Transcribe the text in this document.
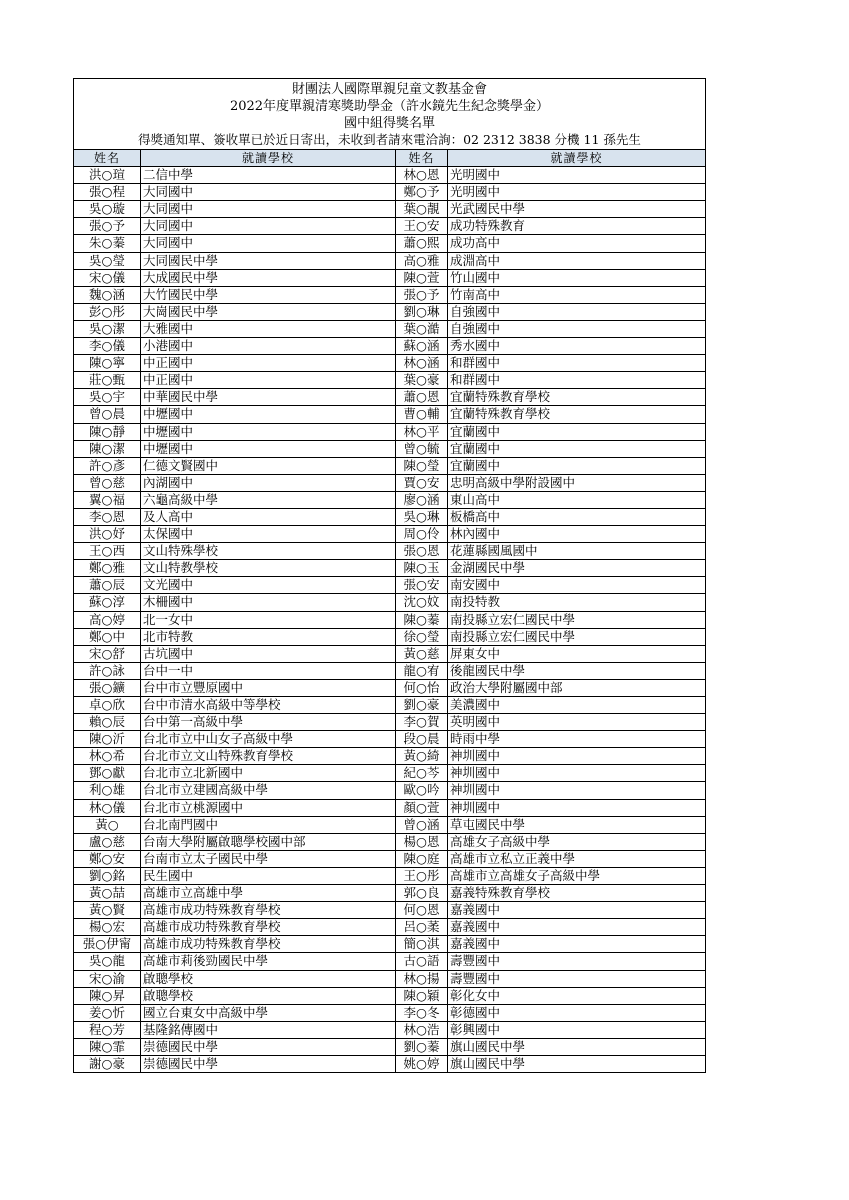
財團法人國際單親兒童文教基金會
2022年度單親清寒獎助學金（許水鏡先生紀念獎學金）
國中組得獎名單
得獎通知單、簽收單已於近日寄出，未收到者請來電洽詢：02 2312 3838 分機 11 孫先生			

姓名	就讀學校	姓名	就讀學校
洪○瑄	二信中學	林○恩	光明國中
張○程	大同國中	鄭○予	光明國中
吳○璇	大同國中	葉○靚	光武國民中學
張○予	大同國中	王○安	成功特殊教育
朱○蓁	大同國中	蕭○熙	成功高中
吳○瑩	大同國民中學	高○雅	成淵高中
宋○儀	大成國民中學	陳○萱	竹山國中
魏○涵	大竹國民中學	張○予	竹南高中
彭○彤	大崗國民中學	劉○琳	自強國中
吳○潔	大雅國中	葉○澔	自強國中
李○儀	小港國中	蘇○涵	秀水國中
陳○寧	中正國中	林○涵	和群國中
莊○甄	中正國中	葉○豪	和群國中
吳○宇	中華國民中學	蕭○恩	宜蘭特殊教育學校
曾○晨	中壢國中	曹○輔	宜蘭特殊教育學校
陳○靜	中壢國中	林○平	宜蘭國中
陳○潔	中壢國中	曾○毓	宜蘭國中
許○彥	仁德文賢國中	陳○瑩	宜蘭國中
曾○慈	內湖國中	賈○安	忠明高級中學附設國中
翼○福	六龜高級中學	廖○涵	東山高中
李○恩	及人高中	吳○琳	板橋高中
洪○妤	太保國中	周○伶	林內國中
王○西	文山特殊學校	張○恩	花蓮縣國風國中
鄭○雅	文山特教學校	陳○玉	金湖國民中學
蕭○辰	文光國中	張○安	南安國中
蘇○淳	木柵國中	沈○妏	南投特教
高○婷	北一女中	陳○蓁	南投縣立宏仁國民中學
鄭○中	北市特教	徐○瑩	南投縣立宏仁國民中學
宋○舒	古坑國中	黃○慈	屏東女中
許○詠	台中一中	龍○宥	後龍國民中學
張○鑛	台中市立豐原國中	何○怡	政治大學附屬國中部
卓○欣	台中市清水高級中等學校	劉○豪	美濃國中
賴○辰	台中第一高級中學	李○賀	英明國中
陳○沂	台北市立中山女子高級中學	段○晨	時雨中學
林○希	台北市立文山特殊教育學校	黃○綺	神圳國中
鄧○獻	台北市立北新國中	紀○芩	神圳國中
利○雄	台北市立建國高級中學	歐○吟	神圳國中
林○儀	台北市立桃源國中	顏○萱	神圳國中
黃○	台北南門國中	曾○涵	草屯國民中學
盧○慈	台南大學附屬啟聰學校國中部	楊○恩	高雄女子高級中學
鄭○安	台南市立太子國民中學	陳○庭	高雄市立私立正義中學
劉○銘	民生國中	王○彤	高雄市立高雄女子高級中學
黃○喆	高雄市立高雄中學	郭○良	嘉義特殊教育學校
黃○賢	高雄市成功特殊教育學校	何○恩	嘉義國中
楊○宏	高雄市成功特殊教育學校	呂○葇	嘉義國中
張○伊甯	高雄市成功特殊教育學校	簡○淇	嘉義國中
吳○龍	高雄市莉後勁國民中學	古○語	壽豐國中
宋○渝	啟聰學校	林○揚	壽豐國中
陳○昇	啟聰學校	陳○穎	彰化女中
姜○忻	國立台東女中高級中學	李○冬	彰德國中
程○芳	基隆銘傳國中	林○浩	彰興國中
陳○霏	崇德國民中學	劉○蓁	旗山國民中學
謝○豪	崇德國民中學	姚○婷	旗山國民中學
